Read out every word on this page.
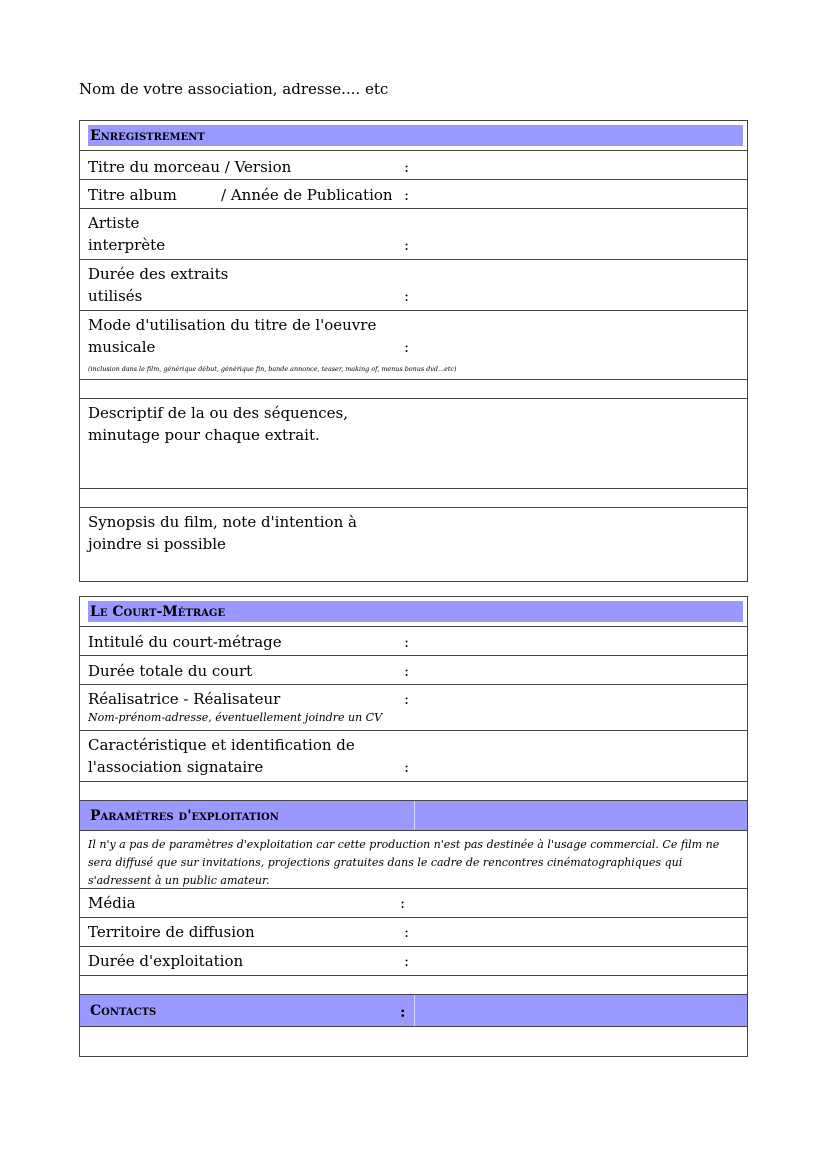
Nom de votre association, adresse.... etc
Enregistrement
Titre du morceau / Version	:
Titre album	/ Année de Publication :
Artiste
interprète	:
Durée des extraits
utilisés	:
Mode d'utilisation du titre de l'oeuvre
musicale	:
(inclusion dans le film, générique début, générique fin, bande annonce, teaser, making of, menus bonus dvd...etc)
Descriptif de la ou des séquences,
minutage pour chaque extrait.
Synopsis du film, note d'intention à
joindre si possible
Le Court-Métrage
Intitulé du court-métrage	:
Durée totale du court	:
Réalisatrice - Réalisateur	:
Nom-prénom-adresse, éventuellement joindre un CV
Caractéristique et identification de
l'association signataire	:
Paramètres d'exploitation
Il n'y a pas de paramètres d'exploitation car cette production n'est pas destinée à l'usage commercial. Ce film ne sera diffusé que sur invitations, projections gratuites dans le cadre de rencontres cinématographiques qui s'adressent à un public amateur.
Média	:
Territoire de diffusion	:
Durée d'exploitation	:
Contacts	:
